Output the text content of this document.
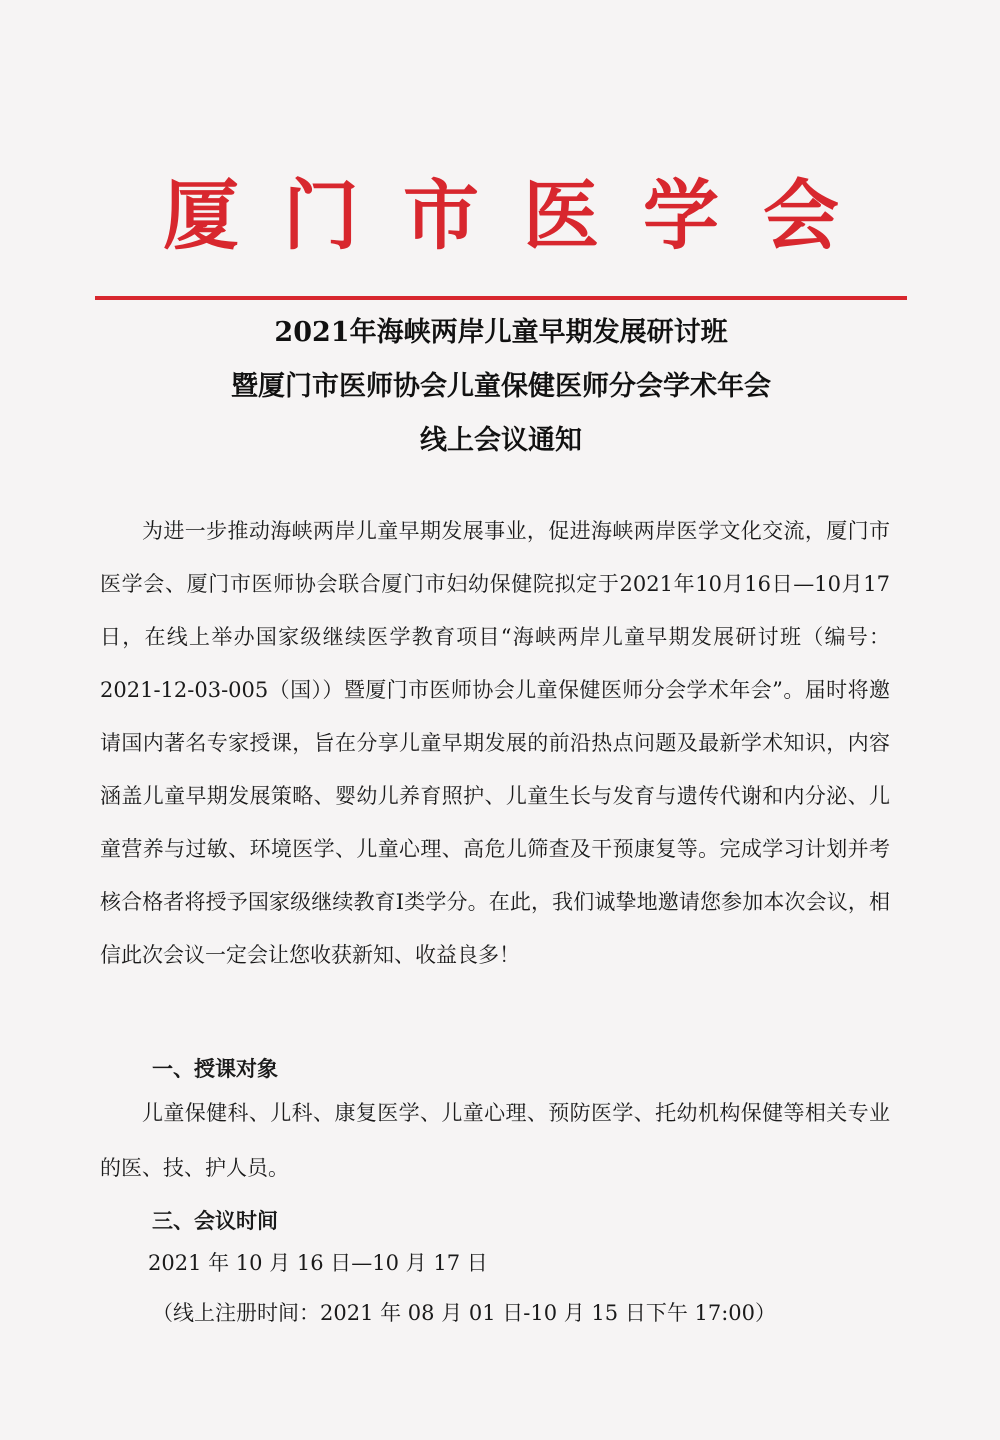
厦 门 市 医 学 会
2021年海峡两岸儿童早期发展研讨班
暨厦门市医师协会儿童保健医师分会学术年会
线上会议通知

为进一步推动海峡两岸儿童早期发展事业，促进海峡两岸医学文化交流，厦门市医学会、厦门市医师协会联合厦门市妇幼保健院拟定于2021年10月16日—10月17日，在线上举办国家级继续医学教育项目“海峡两岸儿童早期发展研讨班（编号：2021-12-03-005（国））暨厦门市医师协会儿童保健医师分会学术年会”。届时将邀请国内著名专家授课，旨在分享儿童早期发展的前沿热点问题及最新学术知识，内容涵盖儿童早期发展策略、婴幼儿养育照护、儿童生长与发育与遗传代谢和内分泌、儿童营养与过敏、环境医学、儿童心理、高危儿筛查及干预康复等。完成学习计划并考核合格者将授予国家级继续教育Ⅰ类学分。在此，我们诚挚地邀请您参加本次会议，相信此次会议一定会让您收获新知、收益良多！

一、授课对象

儿童保健科、儿科、康复医学、儿童心理、预防医学、托幼机构保健等相关专业的医、技、护人员。

三、会议时间
2021 年 10 月 16 日—10 月 17 日
（线上注册时间：2021 年 08 月 01 日-10 月 15 日下午 17:00）
